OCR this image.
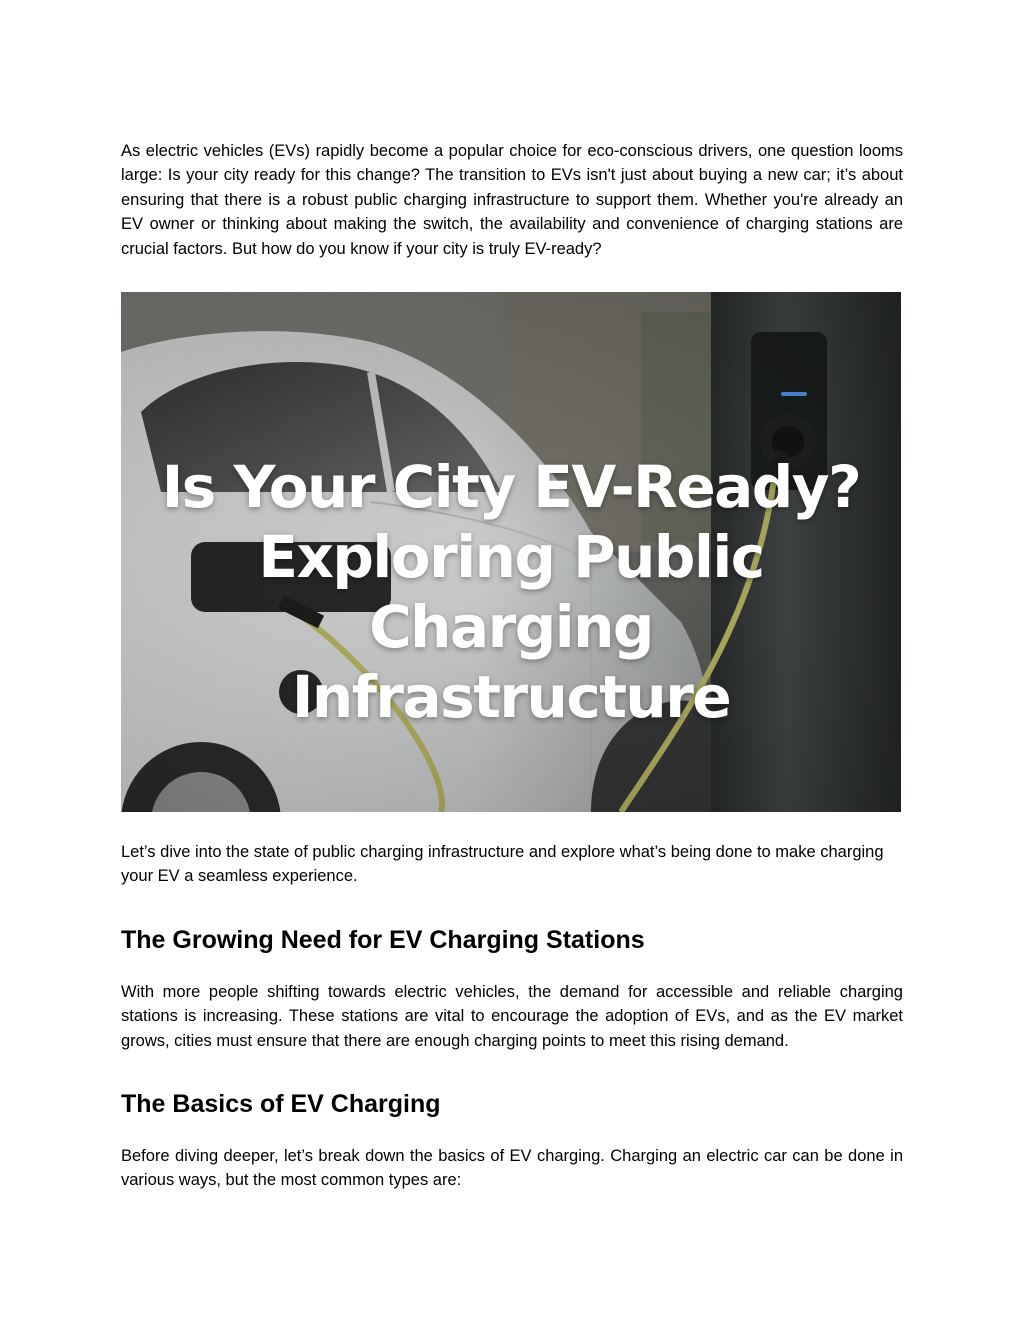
As electric vehicles (EVs) rapidly become a popular choice for eco-conscious drivers, one question looms large: Is your city ready for this change? The transition to EVs isn't just about buying a new car; it’s about ensuring that there is a robust public charging infrastructure to support them. Whether you're already an EV owner or thinking about making the switch, the availability and convenience of charging stations are crucial factors. But how do you know if your city is truly EV-ready?

Is Your City EV-Ready?
Exploring Public Charging
Infrastructure

Let’s dive into the state of public charging infrastructure and explore what’s being done to make charging your EV a seamless experience.

The Growing Need for EV Charging Stations

With more people shifting towards electric vehicles, the demand for accessible and reliable charging stations is increasing. These stations are vital to encourage the adoption of EVs, and as the EV market grows, cities must ensure that there are enough charging points to meet this rising demand.

The Basics of EV Charging

Before diving deeper, let’s break down the basics of EV charging. Charging an electric car can be done in various ways, but the most common types are:
